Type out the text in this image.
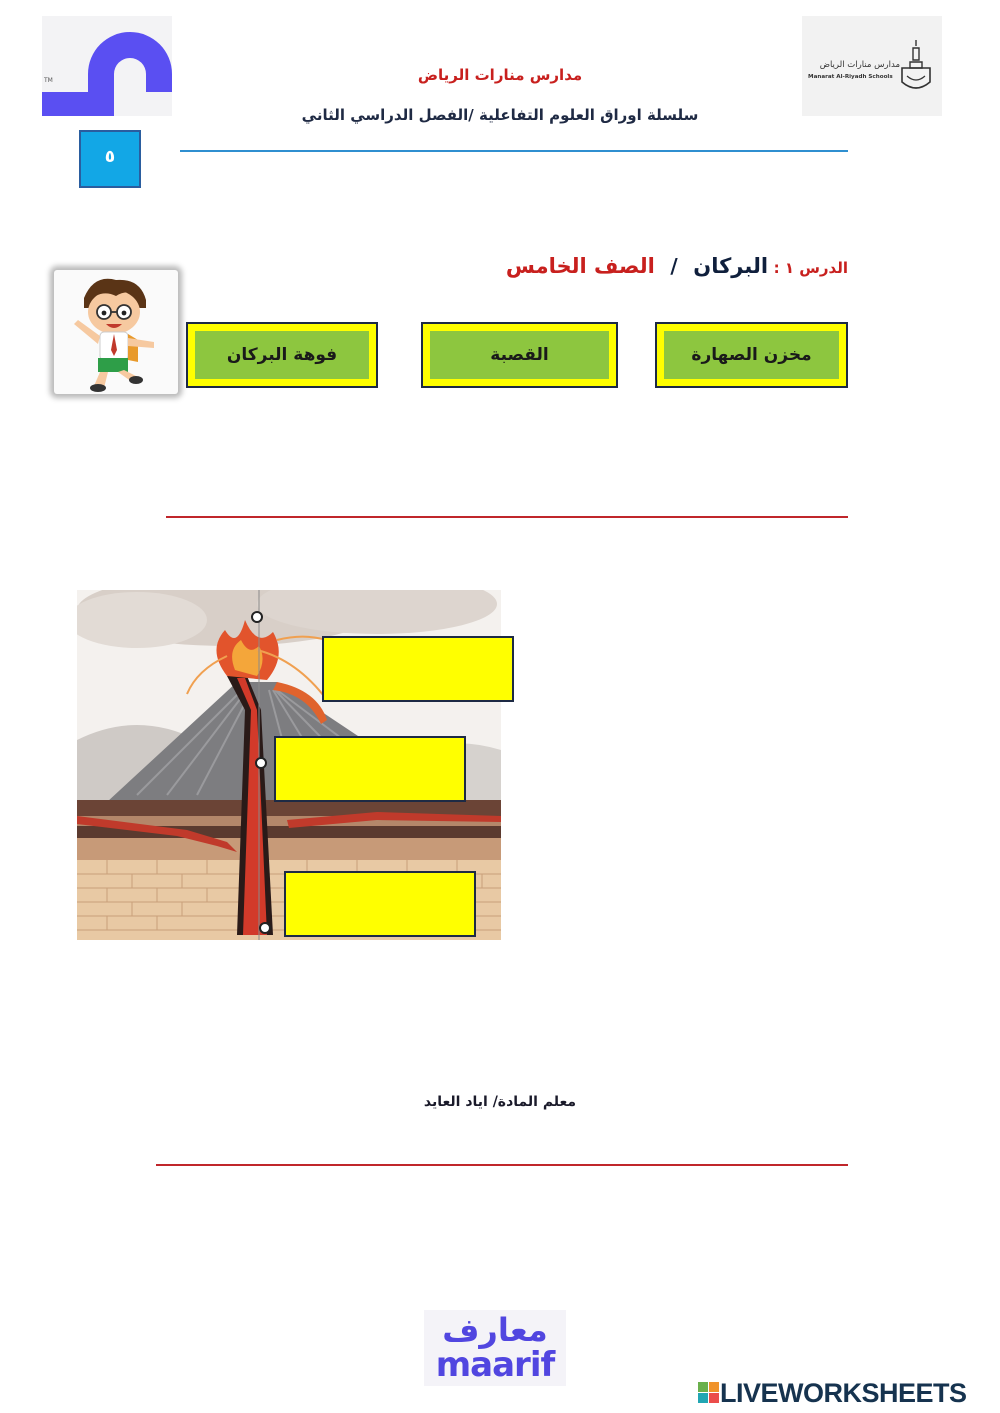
TM
مدارس منارات الرياض
Manarat Al-Riyadh Schools
مدارس منارات الرياض
سلسلة اوراق العلوم التفاعلية /الفصل الدراسي الثاني
٥
الدرس ١ : البركان / الصف الخامس
مخزن الصهارة
القصبة
فوهة البركان
معلم المادة/ اياد العايد
معارف
maarif
LIVEWORKSHEETS
